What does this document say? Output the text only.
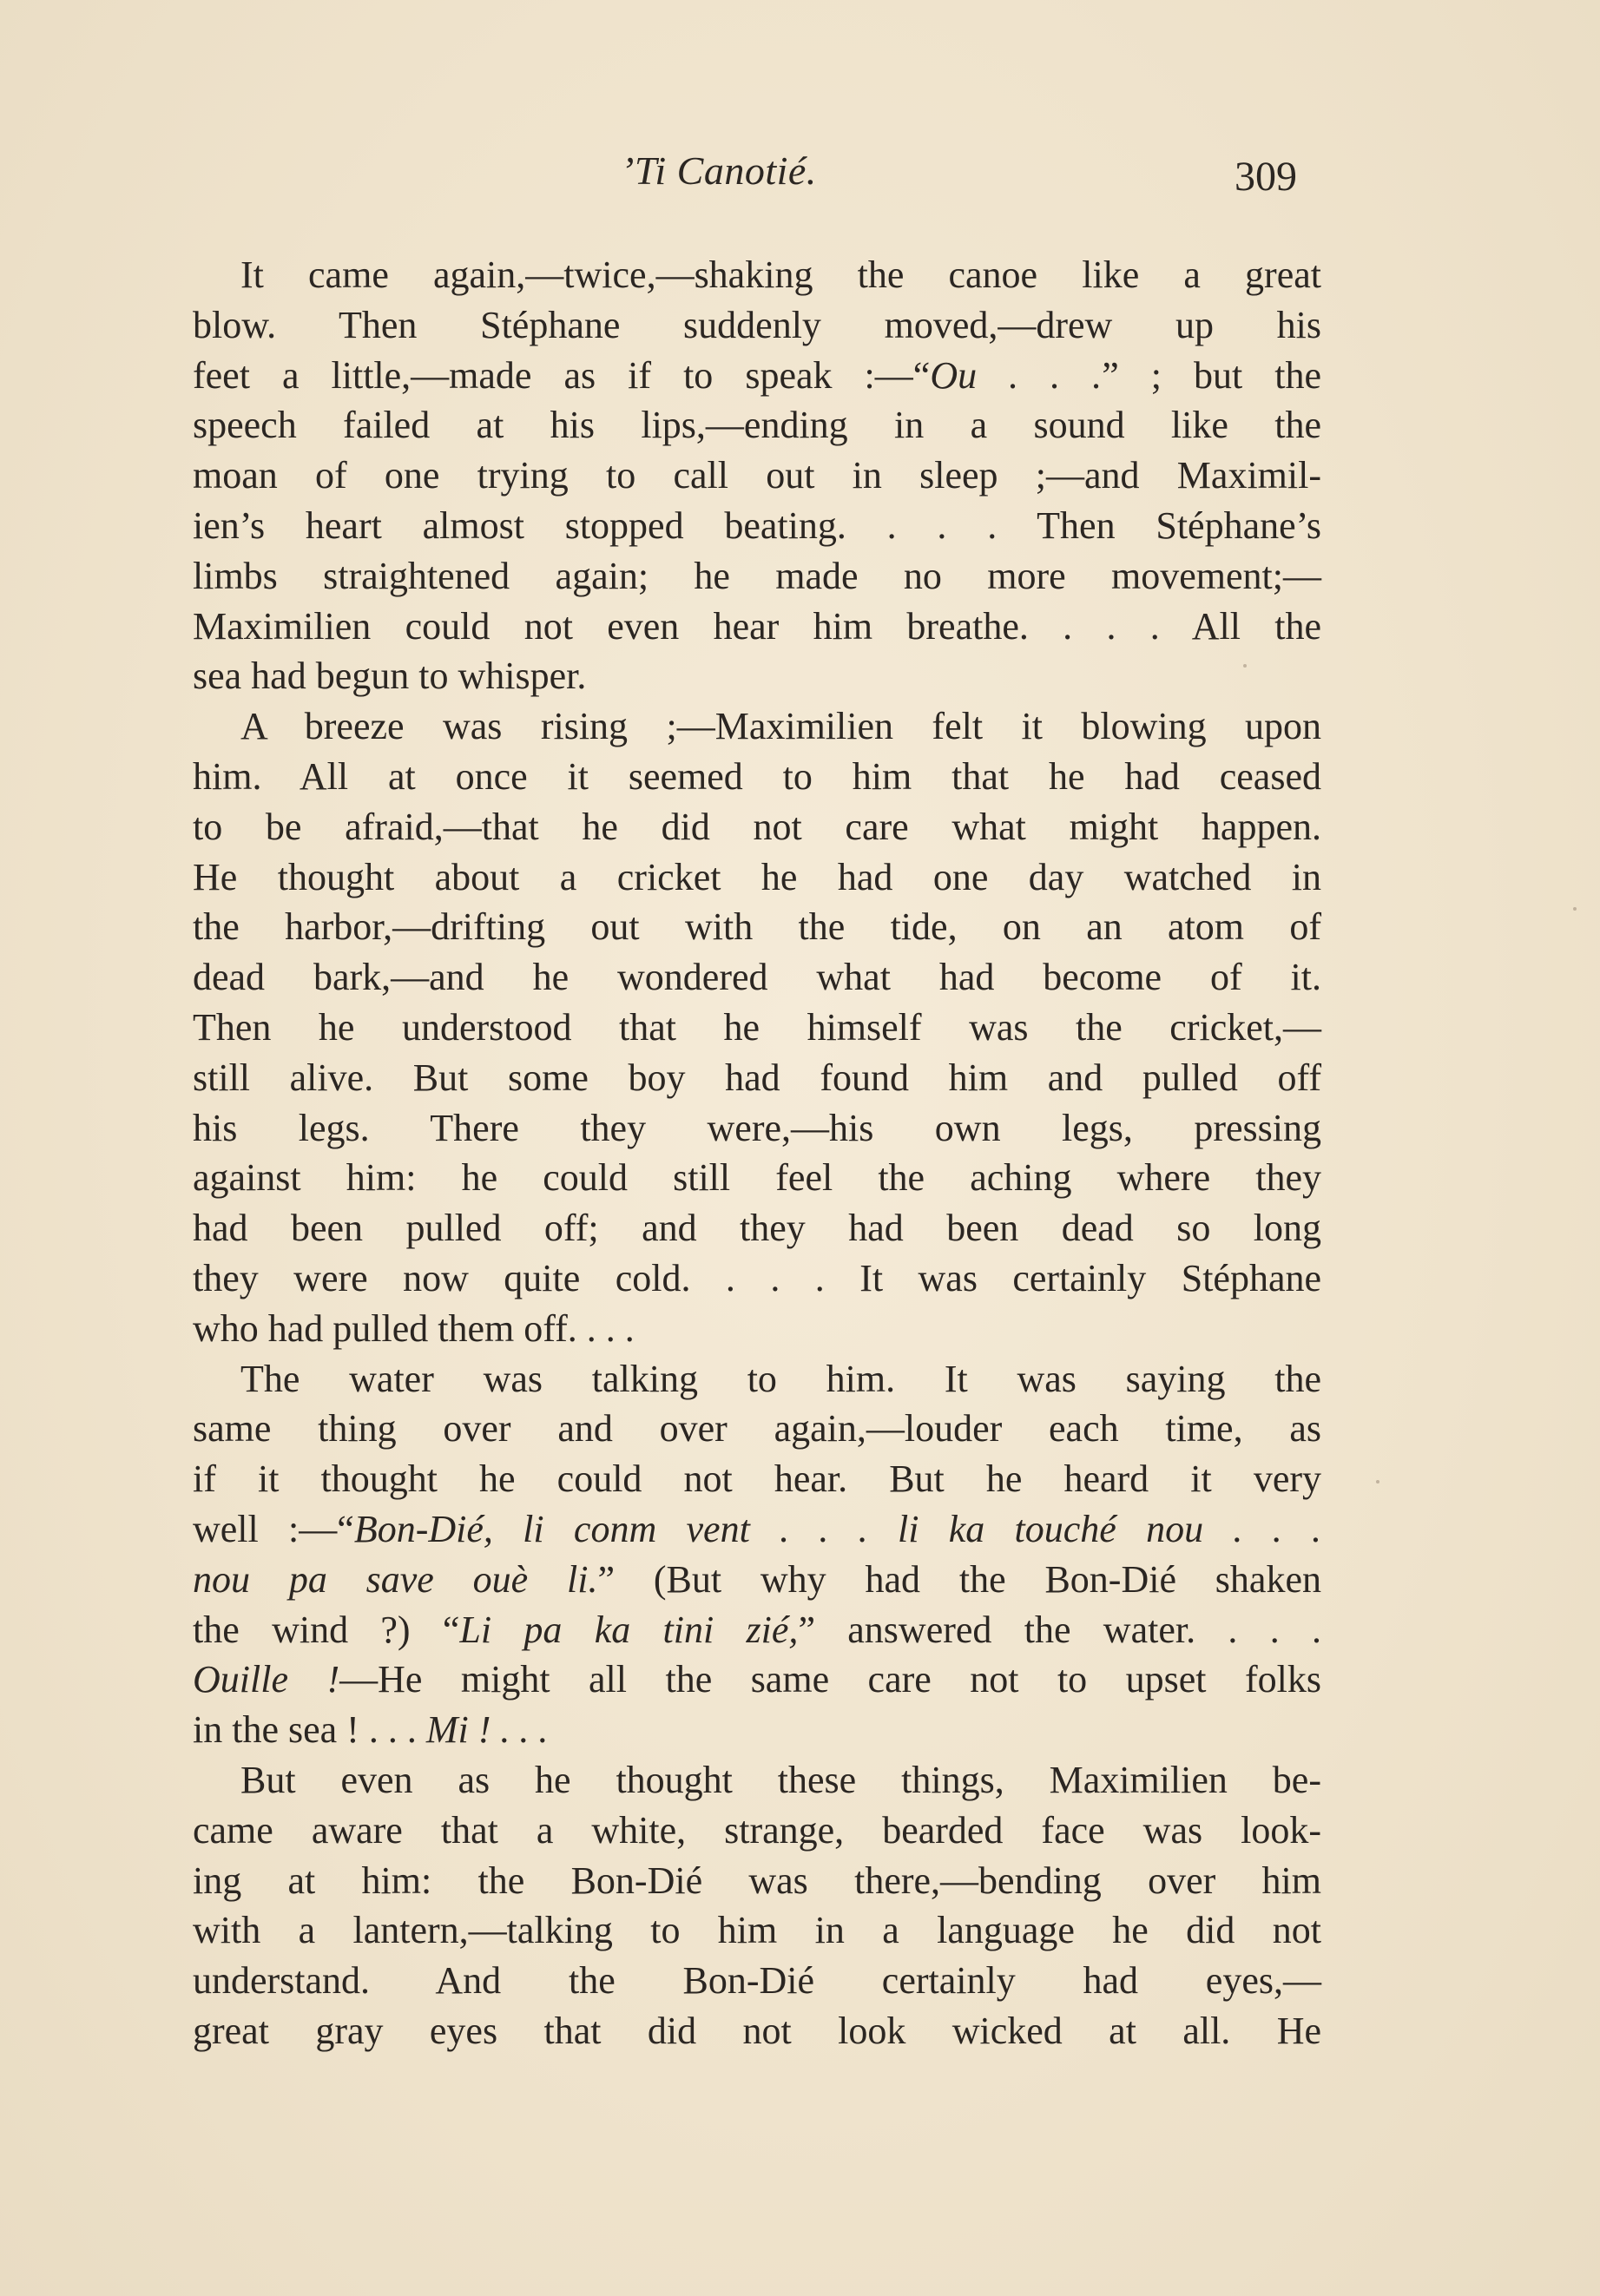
’Ti Canotié.	309
It came again,—twice,—shaking the canoe like a great
blow. Then Stéphane suddenly moved,—drew up his
feet a little,—made as if to speak :—“Ou . . .” ; but the
speech failed at his lips,—ending in a sound like the
moan of one trying to call out in sleep ;—and Maximil-
ien’s heart almost stopped beating. . . . Then Stéphane’s
limbs straightened again; he made no more movement;—
Maximilien could not even hear him breathe. . . . All the
sea had begun to whisper.
A breeze was rising ;—Maximilien felt it blowing upon
him. All at once it seemed to him that he had ceased
to be afraid,—that he did not care what might happen.
He thought about a cricket he had one day watched in
the harbor,—drifting out with the tide, on an atom of
dead bark,—and he wondered what had become of it.
Then he understood that he himself was the cricket,—
still alive. But some boy had found him and pulled off
his legs. There they were,—his own legs, pressing
against him: he could still feel the aching where they
had been pulled off; and they had been dead so long
they were now quite cold. . . . It was certainly Stéphane
who had pulled them off. . . .
The water was talking to him. It was saying the
same thing over and over again,—louder each time, as
if it thought he could not hear. But he heard it very
well :—“Bon-Dié, li conm vent . . . li ka touché nou . . .
nou pa save ouè li.” (But why had the Bon-Dié shaken
the wind ?) “Li pa ka tini zié,” answered the water. . . .
Ouille !—He might all the same care not to upset folks
in the sea ! . . . Mi ! . . .
But even as he thought these things, Maximilien be-
came aware that a white, strange, bearded face was look-
ing at him: the Bon-Dié was there,—bending over him
with a lantern,—talking to him in a language he did not
understand. And the Bon-Dié certainly had eyes,—
great gray eyes that did not look wicked at all. He
